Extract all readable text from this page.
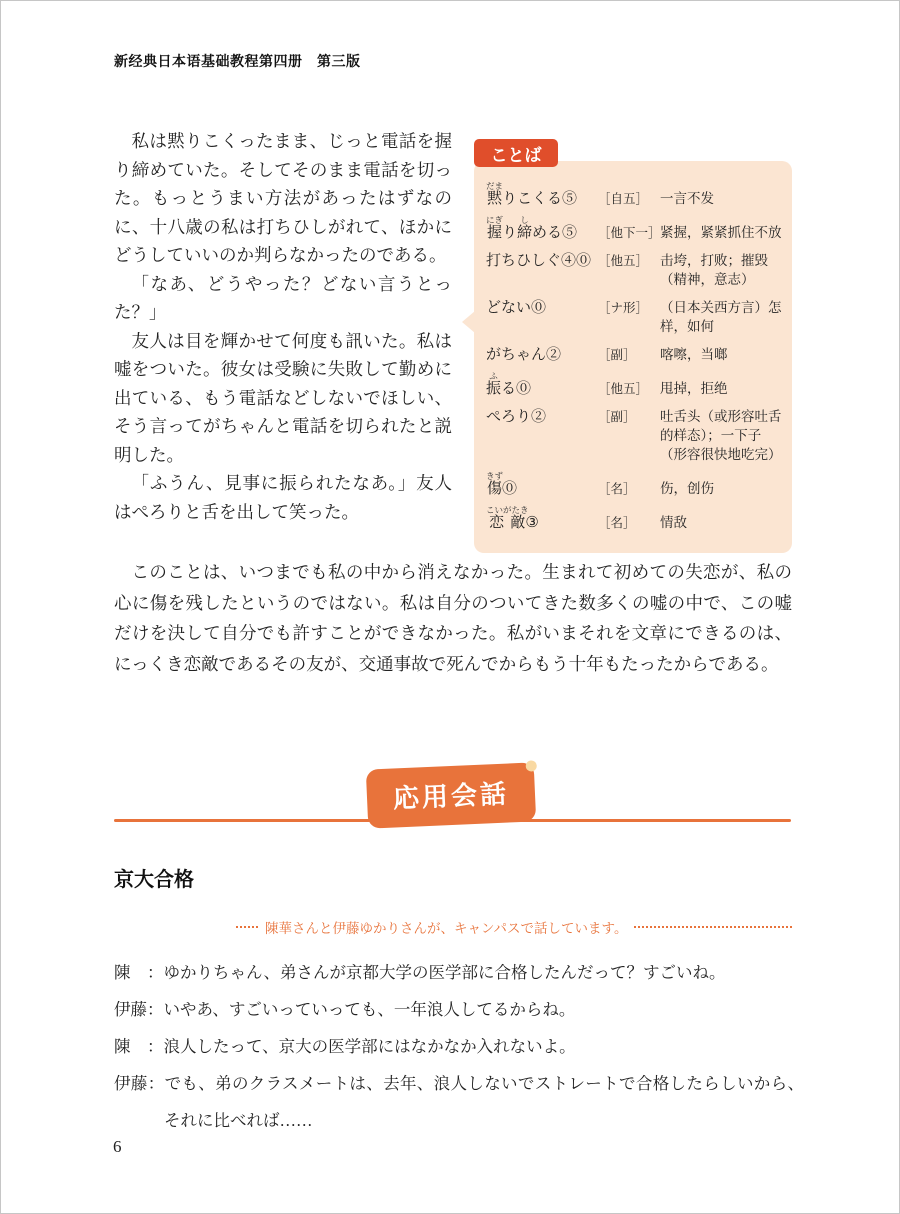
新经典日本语基础教程第四册　第三版

私は黙りこくったまま、じっと電話を握り締めていた。そしてそのまま電話を切った。もっとうまい方法があったはずなのに、十八歳の私は打ちひしがれて、ほかにどうしていいのか判らなかったのである。

「なあ、どうやった？どない言うとった？」

友人は目を輝かせて何度も訊いた。私は嘘をついた。彼女は受験に失敗して勤めに出ている、もう電話などしないでほしい、そう言ってがちゃんと電話を切られたと説明した。

「ふうん、見事に振られたなあ。」友人はぺろりと舌を出して笑った。

ことば
黙だまりこくる⑤	［自五］ 一言不发
握にぎり締しめる⑤	［他下一］ 紧握，紧紧抓住不放
打ちひしぐ④⓪ ［他五］ 击垮，打败；摧毁（精神，意志）
どない⓪	［ナ形］ （日本关西方言）怎样，如何
がちゃん②	［副］	喀嚓，当啷
振ふる⓪	［他五］ 甩掉，拒绝
ぺろり②	［副］	吐舌头（或形容吐舌的样态）；一下子（形容很快地吃完）
傷きず⓪	［名］	伤，创伤
恋敵こいがたき③	［名］	情敌

このことは、いつまでも私の中から消えなかった。生まれて初めての失恋が、私の心に傷を残したというのではない。私は自分のついてきた数多くの嘘の中で、この嘘だけを決して自分でも許すことができなかった。私がいまそれを文章にできるのは、にっくき恋敵であるその友が、交通事故で死んでからもう十年もたったからである。

応用会話
京大合格
陳華さんと伊藤ゆかりさんが、キャンパスで話しています。

陳　：ゆかりちゃん、弟さんが京都大学の医学部に合格したんだって？すごいね。

伊藤：いやあ、すごいっていっても、一年浪人してるからね。

陳　：浪人したって、京大の医学部にはなかなか入れないよ。

伊藤：でも、弟のクラスメートは、去年、浪人しないでストレートで合格したらしいから、それに比べれば……

6
